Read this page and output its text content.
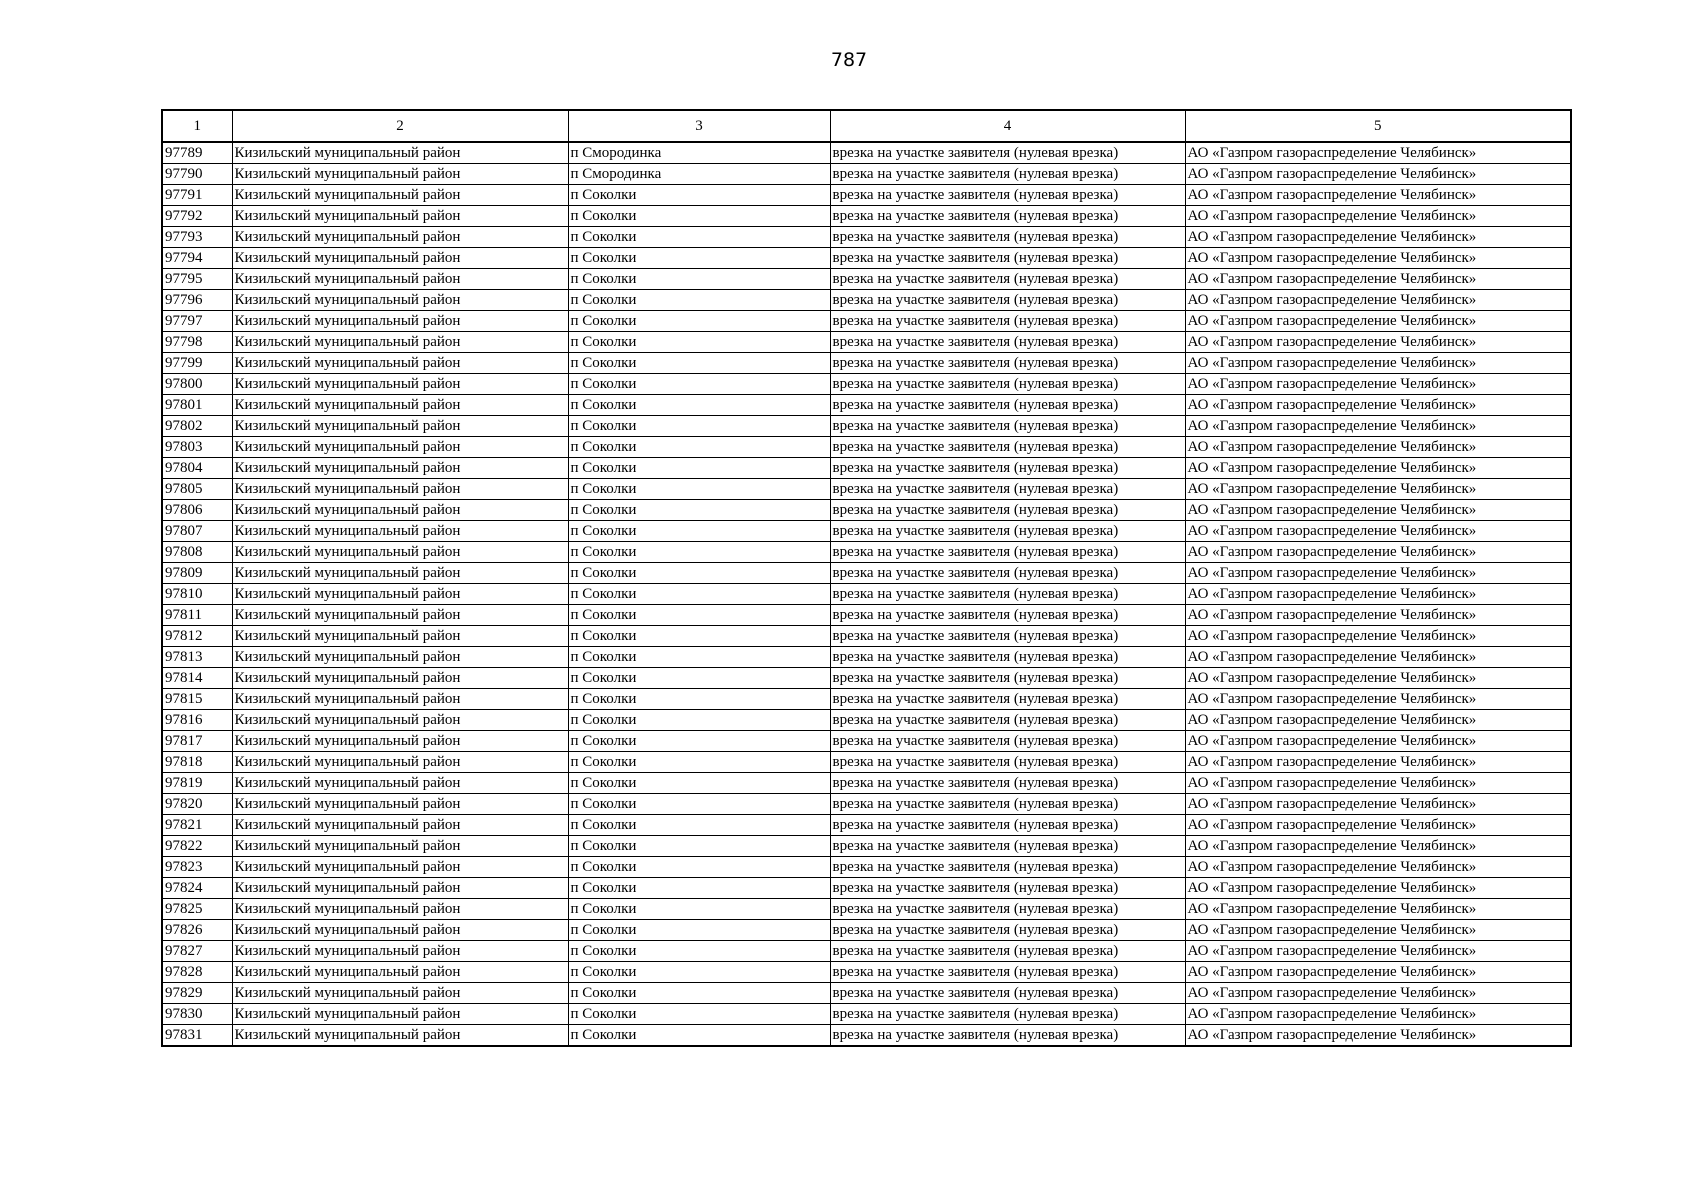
787
1	2	3	4	5
97789	Кизильский муниципальный район	п Смородинка	врезка на участке заявителя (нулевая врезка)	АО «Газпром газораспределение Челябинск»
97790	Кизильский муниципальный район	п Смородинка	врезка на участке заявителя (нулевая врезка)	АО «Газпром газораспределение Челябинск»
97791	Кизильский муниципальный район	п Соколки	врезка на участке заявителя (нулевая врезка)	АО «Газпром газораспределение Челябинск»
97792	Кизильский муниципальный район	п Соколки	врезка на участке заявителя (нулевая врезка)	АО «Газпром газораспределение Челябинск»
97793	Кизильский муниципальный район	п Соколки	врезка на участке заявителя (нулевая врезка)	АО «Газпром газораспределение Челябинск»
97794	Кизильский муниципальный район	п Соколки	врезка на участке заявителя (нулевая врезка)	АО «Газпром газораспределение Челябинск»
97795	Кизильский муниципальный район	п Соколки	врезка на участке заявителя (нулевая врезка)	АО «Газпром газораспределение Челябинск»
97796	Кизильский муниципальный район	п Соколки	врезка на участке заявителя (нулевая врезка)	АО «Газпром газораспределение Челябинск»
97797	Кизильский муниципальный район	п Соколки	врезка на участке заявителя (нулевая врезка)	АО «Газпром газораспределение Челябинск»
97798	Кизильский муниципальный район	п Соколки	врезка на участке заявителя (нулевая врезка)	АО «Газпром газораспределение Челябинск»
97799	Кизильский муниципальный район	п Соколки	врезка на участке заявителя (нулевая врезка)	АО «Газпром газораспределение Челябинск»
97800	Кизильский муниципальный район	п Соколки	врезка на участке заявителя (нулевая врезка)	АО «Газпром газораспределение Челябинск»
97801	Кизильский муниципальный район	п Соколки	врезка на участке заявителя (нулевая врезка)	АО «Газпром газораспределение Челябинск»
97802	Кизильский муниципальный район	п Соколки	врезка на участке заявителя (нулевая врезка)	АО «Газпром газораспределение Челябинск»
97803	Кизильский муниципальный район	п Соколки	врезка на участке заявителя (нулевая врезка)	АО «Газпром газораспределение Челябинск»
97804	Кизильский муниципальный район	п Соколки	врезка на участке заявителя (нулевая врезка)	АО «Газпром газораспределение Челябинск»
97805	Кизильский муниципальный район	п Соколки	врезка на участке заявителя (нулевая врезка)	АО «Газпром газораспределение Челябинск»
97806	Кизильский муниципальный район	п Соколки	врезка на участке заявителя (нулевая врезка)	АО «Газпром газораспределение Челябинск»
97807	Кизильский муниципальный район	п Соколки	врезка на участке заявителя (нулевая врезка)	АО «Газпром газораспределение Челябинск»
97808	Кизильский муниципальный район	п Соколки	врезка на участке заявителя (нулевая врезка)	АО «Газпром газораспределение Челябинск»
97809	Кизильский муниципальный район	п Соколки	врезка на участке заявителя (нулевая врезка)	АО «Газпром газораспределение Челябинск»
97810	Кизильский муниципальный район	п Соколки	врезка на участке заявителя (нулевая врезка)	АО «Газпром газораспределение Челябинск»
97811	Кизильский муниципальный район	п Соколки	врезка на участке заявителя (нулевая врезка)	АО «Газпром газораспределение Челябинск»
97812	Кизильский муниципальный район	п Соколки	врезка на участке заявителя (нулевая врезка)	АО «Газпром газораспределение Челябинск»
97813	Кизильский муниципальный район	п Соколки	врезка на участке заявителя (нулевая врезка)	АО «Газпром газораспределение Челябинск»
97814	Кизильский муниципальный район	п Соколки	врезка на участке заявителя (нулевая врезка)	АО «Газпром газораспределение Челябинск»
97815	Кизильский муниципальный район	п Соколки	врезка на участке заявителя (нулевая врезка)	АО «Газпром газораспределение Челябинск»
97816	Кизильский муниципальный район	п Соколки	врезка на участке заявителя (нулевая врезка)	АО «Газпром газораспределение Челябинск»
97817	Кизильский муниципальный район	п Соколки	врезка на участке заявителя (нулевая врезка)	АО «Газпром газораспределение Челябинск»
97818	Кизильский муниципальный район	п Соколки	врезка на участке заявителя (нулевая врезка)	АО «Газпром газораспределение Челябинск»
97819	Кизильский муниципальный район	п Соколки	врезка на участке заявителя (нулевая врезка)	АО «Газпром газораспределение Челябинск»
97820	Кизильский муниципальный район	п Соколки	врезка на участке заявителя (нулевая врезка)	АО «Газпром газораспределение Челябинск»
97821	Кизильский муниципальный район	п Соколки	врезка на участке заявителя (нулевая врезка)	АО «Газпром газораспределение Челябинск»
97822	Кизильский муниципальный район	п Соколки	врезка на участке заявителя (нулевая врезка)	АО «Газпром газораспределение Челябинск»
97823	Кизильский муниципальный район	п Соколки	врезка на участке заявителя (нулевая врезка)	АО «Газпром газораспределение Челябинск»
97824	Кизильский муниципальный район	п Соколки	врезка на участке заявителя (нулевая врезка)	АО «Газпром газораспределение Челябинск»
97825	Кизильский муниципальный район	п Соколки	врезка на участке заявителя (нулевая врезка)	АО «Газпром газораспределение Челябинск»
97826	Кизильский муниципальный район	п Соколки	врезка на участке заявителя (нулевая врезка)	АО «Газпром газораспределение Челябинск»
97827	Кизильский муниципальный район	п Соколки	врезка на участке заявителя (нулевая врезка)	АО «Газпром газораспределение Челябинск»
97828	Кизильский муниципальный район	п Соколки	врезка на участке заявителя (нулевая врезка)	АО «Газпром газораспределение Челябинск»
97829	Кизильский муниципальный район	п Соколки	врезка на участке заявителя (нулевая врезка)	АО «Газпром газораспределение Челябинск»
97830	Кизильский муниципальный район	п Соколки	врезка на участке заявителя (нулевая врезка)	АО «Газпром газораспределение Челябинск»
97831	Кизильский муниципальный район	п Соколки	врезка на участке заявителя (нулевая врезка)	АО «Газпром газораспределение Челябинск»
